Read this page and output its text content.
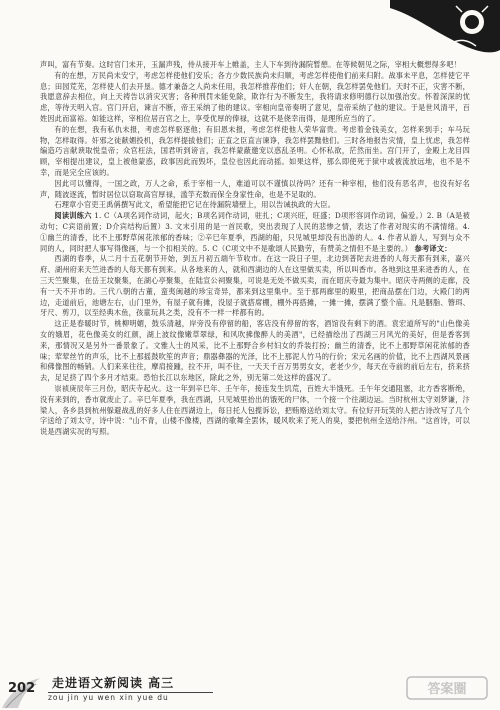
声叫，富有节奏。这时官门未开，玉漏声残，侍从接开车上帷盖，主人下车到待漏院暂憩。在等候朝见之际，宰相大概想得多吧！

有的在想，万民尚未安宁，考虑怎样使他们安乐；各方少数民族尚未归顺，考虑怎样使他们前来归附。战事未平息，怎样使它平息；田园荒芜，怎样使人们去开垦。德才兼备之人尚未任用，我怎样推荐他们；奸人在朝，我怎样罢免他们。天时不正，灾害不断，我愿意辞去相位，向上天祷告以消灾灭害；各种刑罚未能免除，欺诈行为不断发生，我将请求修明德行以加强治安。怀着深深的忧虑，等待天明入官。官门开启，谏言不断，帝王采纳了他的建议。宰相向皇帝奏明了意见，皇帝采纳了他的建议。于是世风清平，百姓因此而富裕。如能这样，宰相位居百官之上，享受优厚的俸禄，这就不是侥幸而得，是理所应当的了。

有的在想，我有私仇未报，考虑怎样驱逐他；有旧恩未报，考虑怎样使他人荣华富贵。考虑着金钱美女，怎样来到手；车马玩物，怎样取得。奸邪之徒献媚投机，我怎样提拔他们；正直之臣直言谏诤，我怎样罢黜他们。三时各地报告灾情，皇上忧虑，我怎样编造巧言献谀取悦皇帝；众官枉法，国君听到谤言，我怎样蒙蔽邀宠以惑乱圣明。心怀私欲，茫然而坐。宫门开了，金殿上龙目四顾，宰相提出建议，皇上被他蒙惑，政事因此而毁坏，皇位也因此而动摇。如果这样，那么即使死于狱中或被流放远地，也不是不幸，而是完全应该的。

因此可以懂得，一国之政，万人之命，系于宰相一人，难道可以不谨慎以待吗？还有一种宰相，他们没有恶名声，也没有好名声，随波逐流，暂时居位以窃取高官厚禄，滥竽充数而保全身家性命，也是不足取的。

石理章小官吏王禹偁撰写此文，希望能把它记在待漏院墙壁上，用以告诫执政的大臣。

阅读训练六 1. C（A项名词作动词，起火；B项名词作动词，驻扎；C项兴旺，旺盛；D项形容词作动词，偏爱。）2. B（A是被动句；C宾语前置；D介宾结构后置）3. 文末引用的是一首民歌，突出表现了人民的悲惨之情，表达了作者对现实的不满情绪。4. ①幽兰的清香，比不上那野草闲花浓郁的香味；②辛巳年夏季，西湖的船，只见城里却没有出游的人。4. 作者从游人，写到与众不同的人，同时把人事写得像画，与一个扣相关的。5. C（C项文中不是歌颂人民勤劳，有赞美之情但不是主要的。） 参考译文：

西湖的春季，从二月十五花朝节开始，到五月初五端午节收市。在这一段日子里，北边到普陀去进香的人每天都有到来，嘉兴府、湖州府来天竺进香的人每天都有到来。从各地来的人，就和西湖边的人在这里做买卖，所以叫香市。各地到这里来进香的人，在三天竺聚集，在岳王坟聚集，在湖心亭聚集，在陆宣公祠聚集，可说是无处不做买卖，而在昭庆寺最为集中。昭庆寺两侧的走廊，没有一天不开市的。三代八朝的古董，蛮夷闽越的珍宝奇异，都来到这里集中。至于那两廊里的殿里，把商品摆在门边，大殿门的两边，走道前后，池塘左右，山门里外，有屋子就有摊，没屋子就搭席棚，棚外再搭摊，一摊一摊，摆满了整个庙。凡是胭脂、簪珥、牙尺、剪刀，以至经典木鱼，孩童玩具之类，没有不一样一样都有的。

这正是春暖时节，桃柳明媚，鼓乐清越，岸旁没有停留的船，客店没有停留的客，酒馆没有剩下的酒。袁宏道所写的"山色像美女的娥眉，花色像美女的红颜，湖上波纹像嫩草翠绿，和风吹拂像醉人的美酒"，已经描绘出了西湖三月风光的美好，但是香客到来，那情况又是另外一番景象了。文雅人士的风采，比不上那野合乡村妇女的乔装打扮；幽兰的清香，比不上那野草闲花浓郁的香味；荤荤丝竹的声乐，比不上那摇鼓吹笙的声音；鼎器彝器的光泽，比不上那泥人竹马的行价；宋元名画的价值，比不上西湖风景画和佛像图的畅销。人们来来往往，摩肩接踵，拉不开，叫不住，一天天千百万男男女女，老老少少，每天在寺前的前后左右，挤来挤去，足足挤了四个多月才结束。恐怕长江以东地区，除此之外，别无第二处这样的盛况了。

崇祯庚辰年三月份，昭庆寺起火。这一年到辛巳年、壬午年，接连发生饥荒，百姓大半饿死。壬午年交通阻塞，北方香客断绝，没有来到的，香市就废止了。辛巳年夏季，我在西湖，只见城里抬出的饿死的尸体，一个接一个往湖边运。当时杭州太守刘梦谦，汴梁人，各乡县到杭州躲避战乱的好多人住在西湖边上，每日托人包揽诉讼，把贿赂送给刘太守。有位好开玩笑的人把古诗改写了几个字送给了刘太守，诗中说："山不青，山楼不像楼，西湖的歌舞全罢休，暖风吹来了死人的臭，要把杭州全送给汴州。"这首诗，可以说是西湖实况的写照。

202 走进语文新阅读 高三
zou jin yu wen xin yue du
答案圈
